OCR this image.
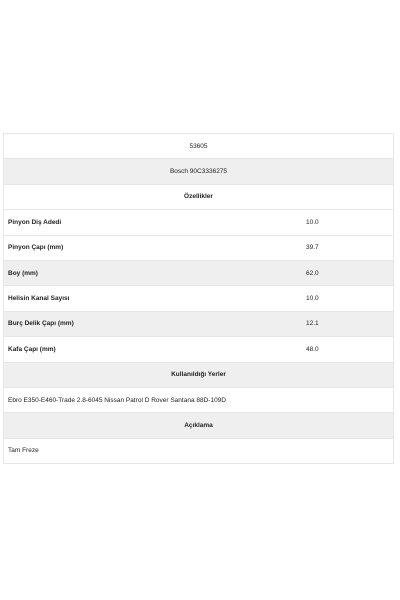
53605
Bosch 90C3336275
Özellikler
Pinyon Diş Adedi	10.0
Pinyon Çapı (mm)	39.7
Boy (mm)	62.0
Helisin Kanal Sayısı	10.0
Burç Delik Çapı (mm)	12.1
Kafa Çapı (mm)	48.0
Kullanıldığı Yerler
Ebro E350-E460-Trade 2.8-6045 Nissan Patrol D Rover Santana 88D-109D
Açıklama
Tam Freze
